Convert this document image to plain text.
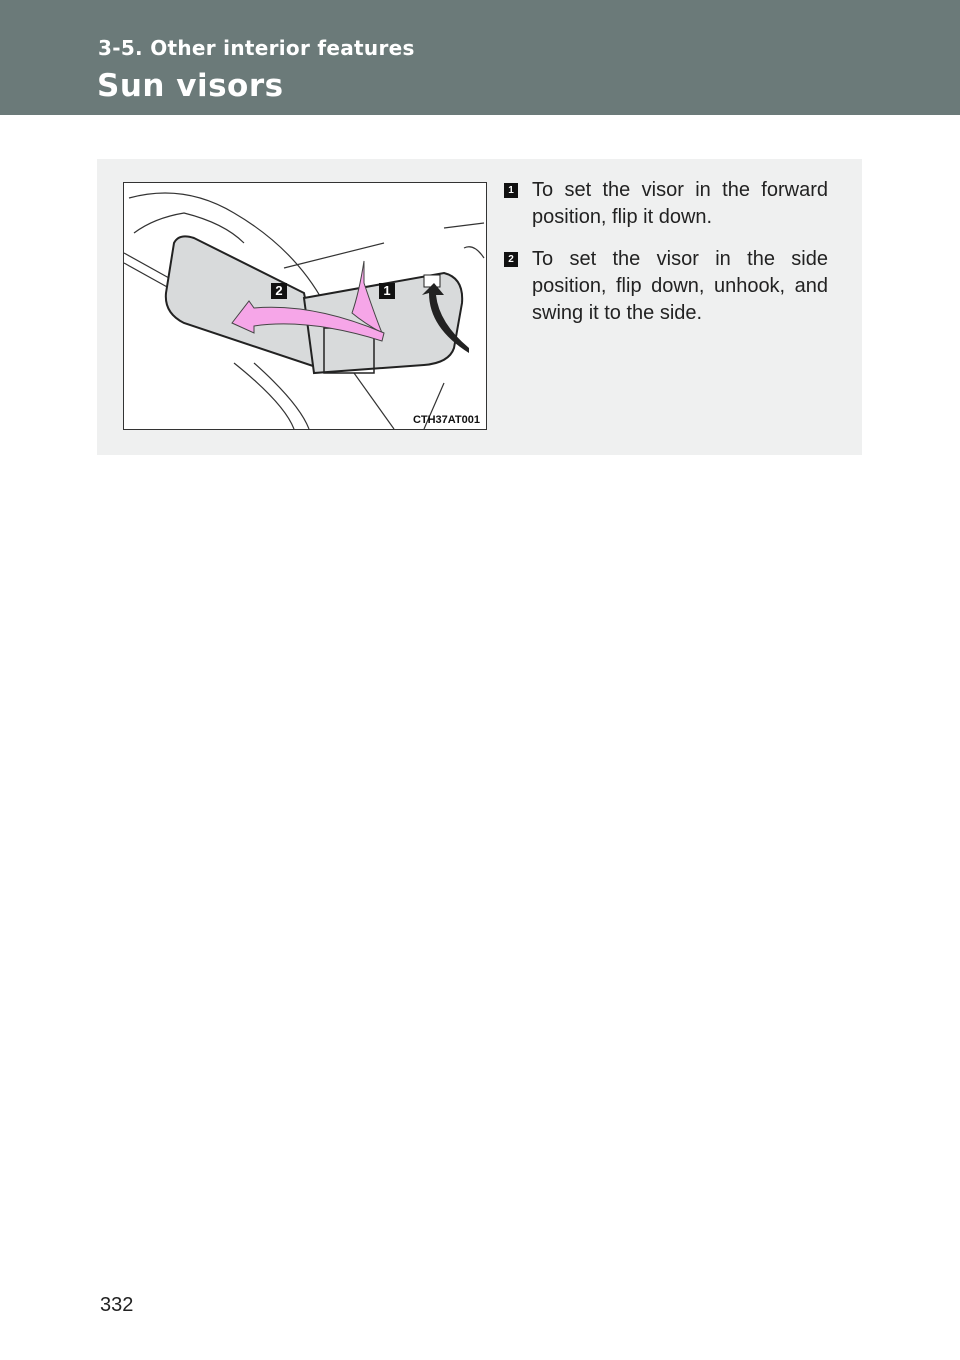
3-5. Other interior features
Sun visors
2	1
CTH37AT001
1 To set the visor in the forward position, flip it down.
2 To set the visor in the side position, flip down, unhook, and swing it to the side.
332
